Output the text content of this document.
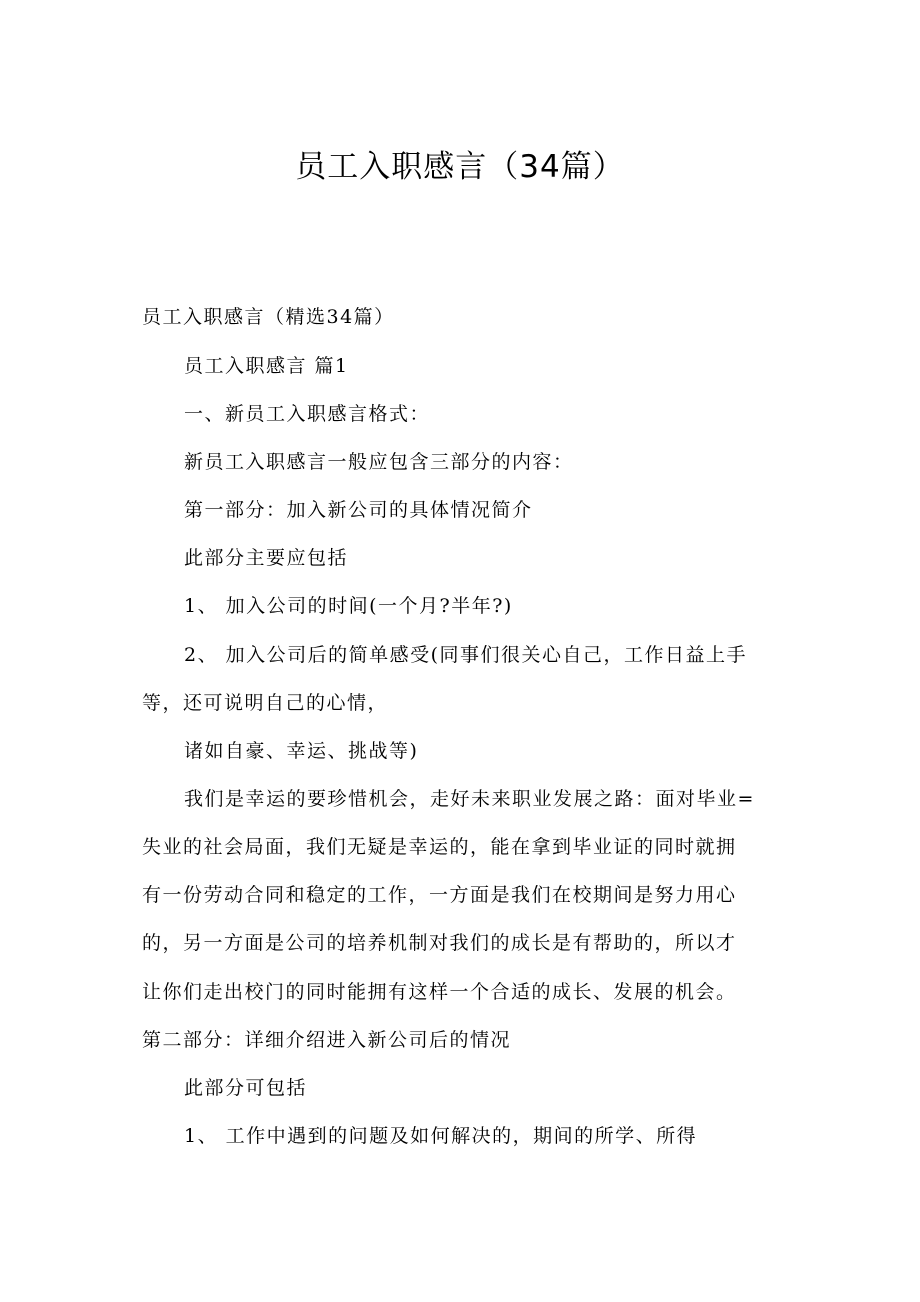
员工入职感言（34篇）
员工入职感言（精选34篇）
员工入职感言 篇1
一、新员工入职感言格式：
新员工入职感言一般应包含三部分的内容：
第一部分：加入新公司的具体情况简介
此部分主要应包括
1、 加入公司的时间(一个月?半年?)
2、 加入公司后的简单感受(同事们很关心自己，工作日益上手
等，还可说明自己的心情，
诸如自豪、幸运、挑战等)
我们是幸运的要珍惜机会，走好未来职业发展之路：面对毕业=
失业的社会局面，我们无疑是幸运的，能在拿到毕业证的同时就拥
有一份劳动合同和稳定的工作，一方面是我们在校期间是努力用心
的，另一方面是公司的培养机制对我们的成长是有帮助的，所以才
让你们走出校门的同时能拥有这样一个合适的成长、发展的机会。
第二部分：详细介绍进入新公司后的情况
此部分可包括
1、 工作中遇到的问题及如何解决的，期间的所学、所得
